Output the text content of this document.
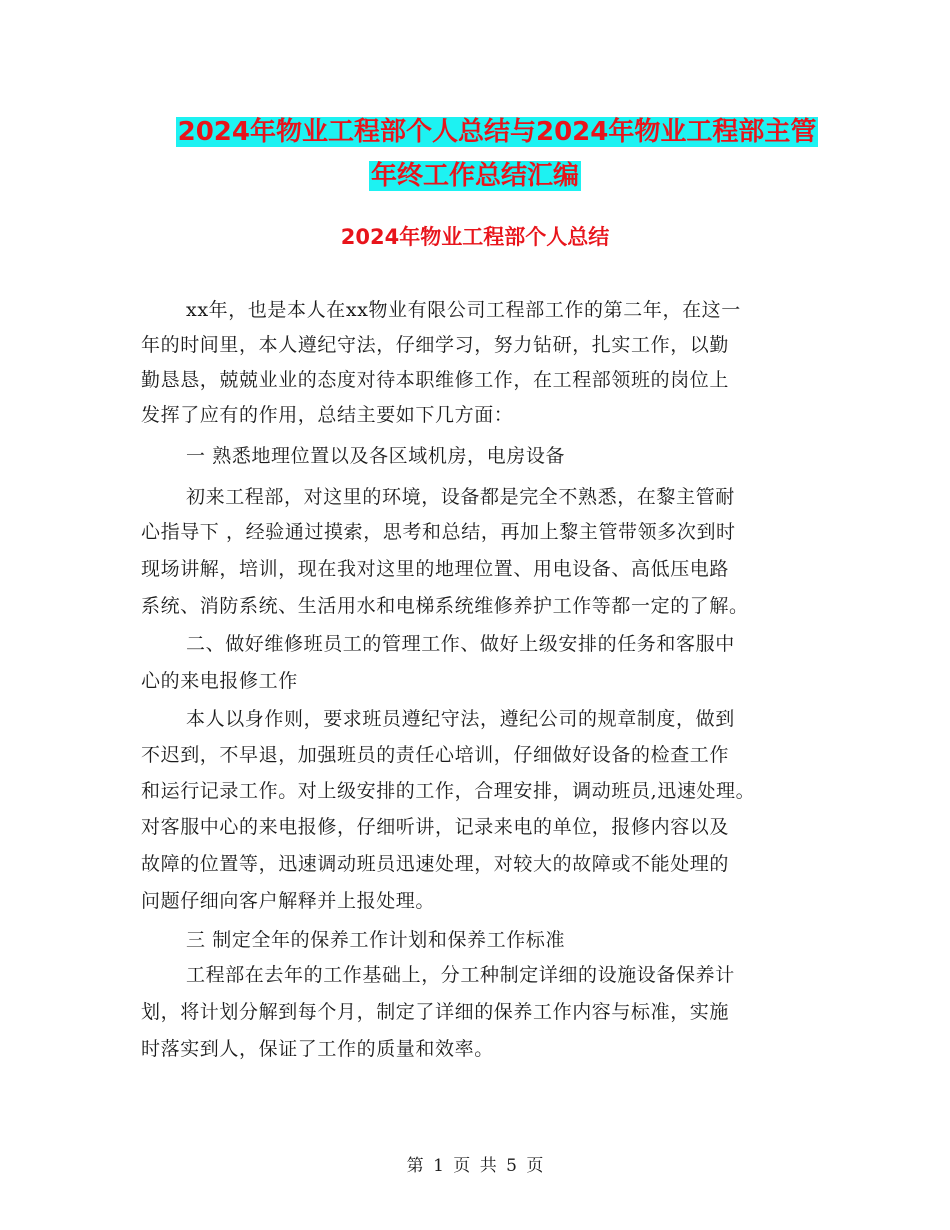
2024年物业工程部个人总结与2024年物业工程部主管
年终工作总结汇编
2024年物业工程部个人总结
xx年，也是本人在xx物业有限公司工程部工作的第二年，在这一
年的时间里，本人遵纪守法，仔细学习，努力钻研，扎实工作，以勤
勤恳恳，兢兢业业的态度对待本职维修工作，在工程部领班的岗位上
发挥了应有的作用，总结主要如下几方面：
一 熟悉地理位置以及各区域机房，电房设备
初来工程部，对这里的环境，设备都是完全不熟悉，在黎主管耐
心指导下 ，经验通过摸索，思考和总结，再加上黎主管带领多次到时
现场讲解，培训，现在我对这里的地理位置、用电设备、高低压电路
系统、消防系统、生活用水和电梯系统维修养护工作等都一定的了解。
二、做好维修班员工的管理工作、做好上级安排的任务和客服中
心的来电报修工作
本人以身作则，要求班员遵纪守法，遵纪公司的规章制度，做到
不迟到，不早退，加强班员的责任心培训，仔细做好设备的检查工作
和运行记录工作。对上级安排的工作，合理安排，调动班员,迅速处理。
对客服中心的来电报修，仔细听讲，记录来电的单位，报修内容以及
故障的位置等，迅速调动班员迅速处理，对较大的故障或不能处理的
问题仔细向客户解释并上报处理。
三 制定全年的保养工作计划和保养工作标准
工程部在去年的工作基础上，分工种制定详细的设施设备保养计
划，将计划分解到每个月，制定了详细的保养工作内容与标准，实施
时落实到人，保证了工作的质量和效率。
第 1 页 共 5 页
